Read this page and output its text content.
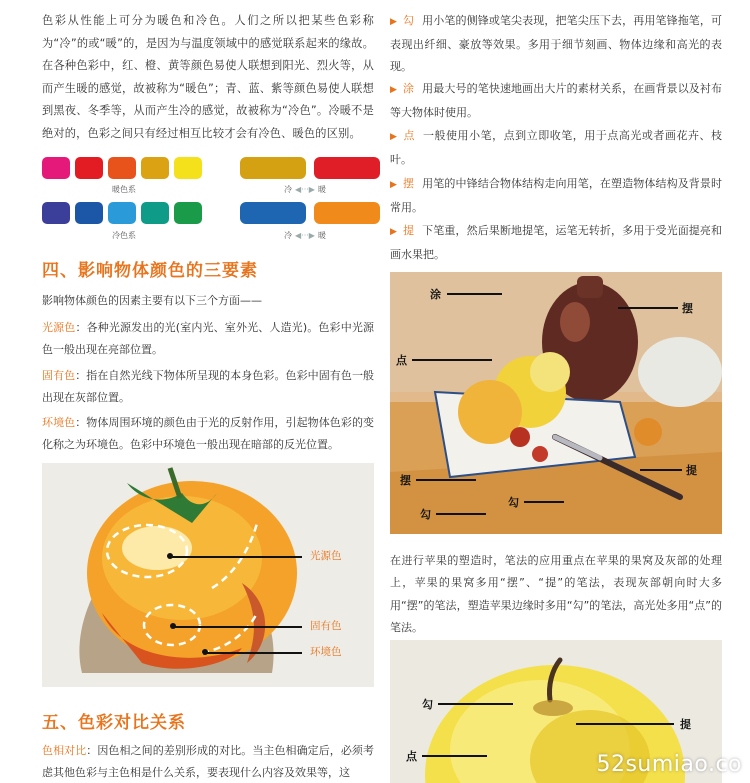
色彩从性能上可分为暖色和冷色。人们之所以把某些色彩称为“冷”的或“暖”的，是因为与温度领域中的感觉联系起来的缘故。在各种色彩中，红、橙、黄等颜色易使人联想到阳光、烈火等，从而产生暖的感觉，故被称为“暖色”；青、蓝、紫等颜色易使人联想到黑夜、冬季等，从而产生冷的感觉，故被称为“冷色”。冷暖不是绝对的，色彩之间只有经过相互比较才会有冷色、暖色的区别。

暖色系	冷 ◀···▶ 暖
冷色系	冷 ◀···▶ 暖
四、影响物体颜色的三要素
影响物体颜色的因素主要有以下三个方面——
光源色：各种光源发出的光(室内光、室外光、人造光)。色彩中光源色一般出现在亮部位置。
固有色：指在自然光线下物体所呈现的本身色彩。色彩中固有色一般出现在灰部位置。
环境色：物体周围环境的颜色由于光的反射作用，引起物体色彩的变化称之为环境色。色彩中环境色一般出现在暗部的反光位置。
光源色
固有色
环境色
五、色彩对比关系
色相对比：因色相之间的差别形成的对比。当主色相确定后，必须考虑其他色彩与主色相是什么关系，要表现什么内容及效果等，这
▶ 勾 用小笔的侧锋或笔尖表现，把笔尖压下去，再用笔锋拖笔，可表现出纤细、豪放等效果。多用于细节刻画、物体边缘和高光的表现。
▶ 涂 用最大号的笔快速地画出大片的素材关系，在画背景以及衬布等大物体时使用。
▶ 点 一般使用小笔，点到立即收笔，用于点高光或者画花卉、枝叶。
▶ 摆 用笔的中锋结合物体结构走向用笔，在塑造物体结构及背景时常用。
▶ 提 下笔重，然后果断地提笔，运笔无转折，多用于受光面提亮和画水果把。
涂
摆
点
提
摆
勾
勾

在进行苹果的塑造时，笔法的应用重点在苹果的果窝及灰部的处理上，苹果的果窝多用“摆”、“提”的笔法，表现灰部朝向时大多用“摆”的笔法，塑造苹果边缘时多用“勾”的笔法，高光处多用“点”的笔法。

勾
提
点	52sumiao.co
